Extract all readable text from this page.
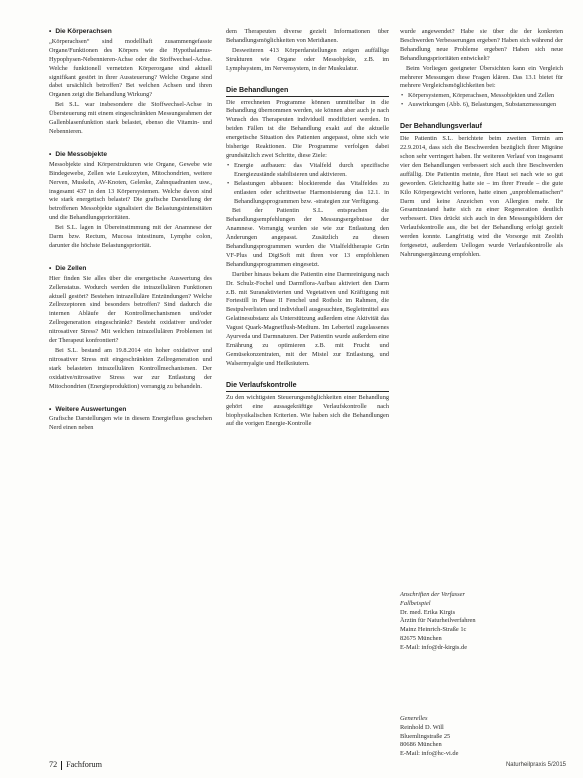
• Die Körperachsen

„Körperachsen“ sind modellhaft zusammengefasste Organe/Funktionen des Körpers wie die Hypothalamus-Hypophysen-Nebennieren-Achse oder die Stoffwechsel-Achse. Welche funktionell vernetzten Körperorgane sind aktuell signifikant gestört in ihrer Aussteuerung? Welche Organe sind dabei ursächlich betroffen? Bei welchen Achsen und ihren Organen zeigt die Behandlung Wirkung?

Bei S.L. war insbesondere die Stoffwechsel-Achse in Übersteuerung mit einem eingeschränkten Messungsrahmen der Gallenblasenfunktion stark belastet, ebenso die Vitamin- und Nebennieren.

• Die Messobjekte

Messobjekte sind Körperstrukturen wie Organe, Gewebe wie Bindegewebe, Zellen wie Leukozyten, Mitochondrien, weitere Nerven, Muskeln, AV-Knoten, Gelenke, Zahnquadranten usw., insgesamt 437 in den 13 Körpersystemen. Welche davon sind wie stark energetisch belastet? Die grafische Darstellung der betroffenen Messobjekte signalisiert die Belastungsintensitäten und die Behandlungsprioritäten.

Bei S.L. lagen in Übereinstimmung mit der Anamnese der Darm bzw. Rectum, Mucosa intestinum, Lymphe colon, darunter die höchste Belastungspriorität.

• Die Zellen

Hier finden Sie alles über die energetische Auswertung des Zellenstatus. Wodurch werden die intrazellulären Funktionen aktuell gestört? Bestehen intrazelluläre Entzündungen? Welche Zellrezeptoren sind besonders betroffen? Sind dadurch die internen Abläufe der Kontrollmechanismen und/oder Zellregeneration eingeschränkt? Besteht oxidativer und/oder nitrosativer Stress? Mit welchen intrazellulären Problemen ist der Therapeut konfrontiert?

Bei S.L. bestand am 19.8.2014 ein hoher oxidativer und nitrosativer Stress mit eingeschränkten Zellregeneration und stark belasteten intrazellulären Kontrollmechanismen. Der oxidative/nitrosative Stress war zur Entlastung der Mitochondrien (Energieproduktion) vorrangig zu behandeln.

• Weitere Auswertungen

Grafische Darstellungen wie in diesem Energiefluss geschehen Nerd einen neben

dem Therapeuten diverse gezielt Informationen über Behandlungsmöglichkeiten von Meridianen.

Desweiteren 413 Körperdarstellungen zeigen auffällige Strukturen wie Organe oder Messobjekte, z.B. im Lymphsystem, im Nervensystem, in der Muskulatur.

Die Behandlungen

Die errechneten Programme können unmittelbar in die Behandlung übernommen werden, sie können aber auch je nach Wunsch des Therapeuten individuell modifiziert werden. In beiden Fällen ist die Behandlung exakt auf die aktuelle energetische Situation des Patienten angepasst, ohne sich wie bisherige Reaktionen. Die Programme verfolgen dabei grundsätzlich zwei Schritte, diese Ziele:

• Energie aufbauen: das Vitalfeld durch spezifische Energiezustände stabilisieren und aktivieren.
• Belastungen abbauen: blockierende das Vitalfeldes zu entlasten oder schrittweise Harmonisierung das 12.1. in Behandlungsprogrammen bzw. -strategien zur Verfügung.

Bei der Patientin S.L. entsprachen die Behandlungsempfehlungen der Messungsergebnisse der Anamnese. Vorrangig wurden sie wie zur Entlastung den Änderungen angepasst. Zusätzlich zu diesen Behandlungsprogrammen wurden die Vitalfeldtherapie Grün VF-Plus und DigiSoft mit ihren vor 13 empfohlenen Behandlungsprogrammen eingesetzt.

Darüber hinaus bekam die Patientin eine Darmreinigung nach Dr. Schulz-Fochel und Darmflora-Aufbau aktiviert den Darm z.B. mit Suranaktivierten und Vegetativen und Kräftigung mit Fortestill in Phase II Fenchel und Rotholz im Rahmen, die Bestpulverlisten und individuell ausgesuchten, Begleitmittel aus Gelatinesubstanz als Unterstützung außerdem eine Aktivität das Vagust Quark-Magnetflush-Medium. Im Leberteil zugelassenes Ayurveda und Darmnaturen. Der Patientin wurde außerdem eine Ernährung zu optimieren z.B. mit Frucht und Gemüsekonzentraten, mit der Mistel zur Entlastung, und Walsermyalgie und Heilkräutern.

Die Verlaufskontrolle

Zu den wichtigsten Steuerungsmöglichkeiten einer Behandlung gehört eine aussagekräftige Verlaufskontrolle nach biophysikalischen Kriterien. Wie haben sich die Behandlungen auf die vorigen Energie-Kontrolle

wurde angewendet? Habe sie über die der konkreten Beschwerden Verbesserungen ergeben? Haben sich während der Behandlung neue Probleme ergeben? Haben sich neue Behandlungsprioritäten entwickelt?

Beim Vorliegen geeigneter Übersichten kann ein Vergleich mehrerer Messungen diese Fragen klären. Das 13.1 bietet für mehrere Vergleichsmöglichkeiten bei:

• Körpersystemen, Körperachsen, Messobjekten und Zellen
• Auswirkungen (Abb. 6), Belastungen, Substanzmessungen
Der Behandlungsverlauf

Die Patientin S.L. berichtete beim zweiten Termin am 22.9.2014, dass sich die Beschwerden bezüglich ihrer Migräne schon sehr verringert haben. Ihr weiteren Verlauf von insgesamt vier den Behandlungen verbessert sich auch ihre Beschwerden auffällig. Die Patientin meinte, ihre Haut sei nach wie so gut geworden. Gleichzeitig hatte sie – im ihrer Freude – die gute Kilo Körpergewicht verloren, hatte einen „unproblematischen“ Darm und keine Anzeichen von Allergien mehr. Ihr Gesamtzustand hatte sich zu einer Regeneration deutlich verbessert. Dies drückt sich auch in den Messungsbildern der Verlaufskontrolle aus, die bei der Behandlung erfolgt gezielt werden konnte. Langfristig wird die Vorsorge mit Zeolith fortgesetzt, außerdem Uellogen wurde Verlaufskontrolle als Nahrungsergänzung empfohlen.

Anschriften der Verfasser
Fallbeispiel
Dr. med. Erika Kirgis
Ärztin für Naturheilverfahren
Mainz Heinrich-Straße 1c
82675 München
E-Mail: info@dr-kirgis.de
Generelles
Reinhold D. Will
Bluemlingstraße 25
80686 München
E-Mail: info@hc-vi.de
72 Fachforum	Naturheilpraxis 5/2015
